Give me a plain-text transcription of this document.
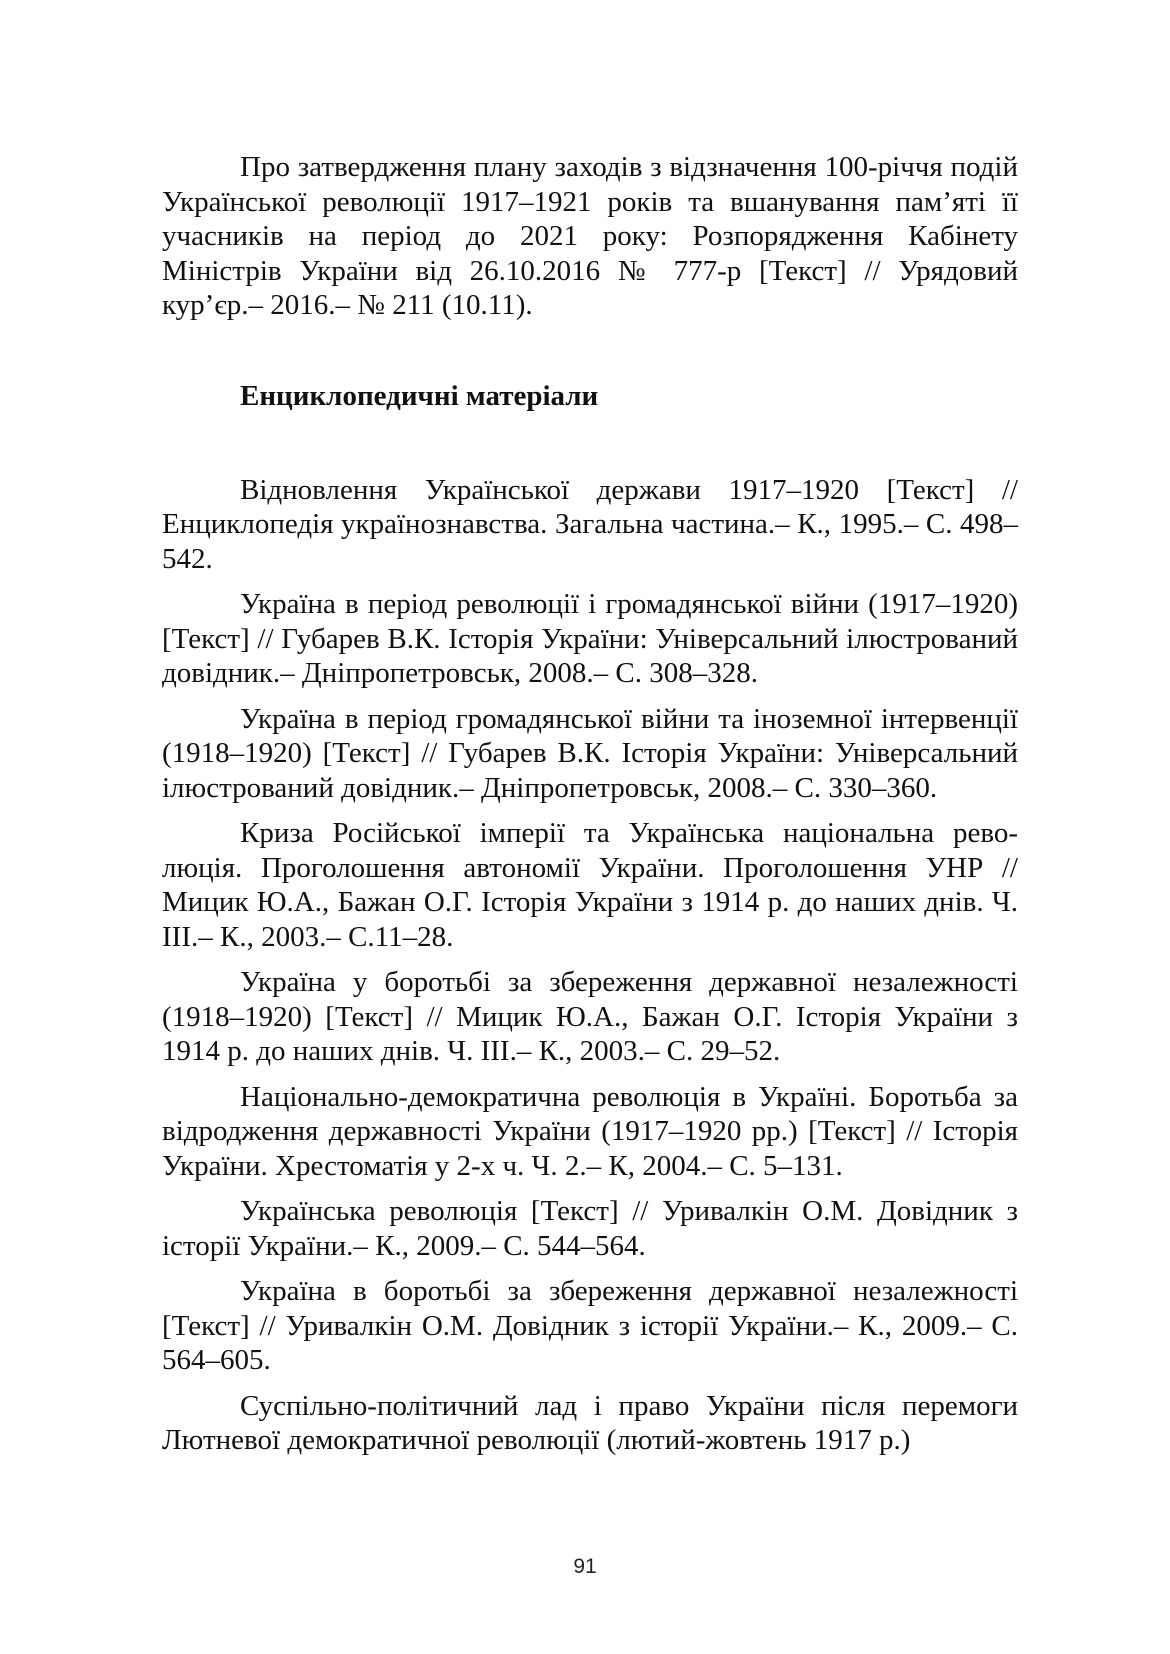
Про затвердження плану заходів з відзначення 100-річчя подій Української революції 1917–1921 років та вшанування пам’яті її учасників на період до 2021 року: Розпорядження Кабінету Міністрів України від 26.10.2016 № 777-р [Текст] // Урядовий кур’єр.– 2016.– № 211 (10.11).

Енциклопедичні матеріали

Відновлення Української держави 1917–1920 [Текст] // Енциклопедія українознавства. Загальна частина.– К., 1995.– С. 498–542.

Україна в період революції і громадянської війни (1917–1920) [Текст] // Губарев В.К. Історія України: Універсальний ілюстрований довідник.– Дніпропетровськ, 2008.– С. 308–328.

Україна в період громадянської війни та іноземної інтервенції (1918–1920) [Текст] // Губарев В.К. Історія України: Універсальний ілюстрований довідник.– Дніпропетровськ, 2008.– С. 330–360.

Криза Російської імперії та Українська національна революція. Проголошення автономії України. Проголошення УНР // Мицик Ю.А., Бажан О.Г. Історія України з 1914 р. до наших днів. Ч. ІІІ.– К., 2003.– С.11–28.

Україна у боротьбі за збереження державної незалежності (1918–1920) [Текст] // Мицик Ю.А., Бажан О.Г. Історія України з 1914 р. до наших днів. Ч. ІІІ.– К., 2003.– С. 29–52.

Національно-демократична революція в Україні. Боротьба за відродження державності України (1917–1920 рр.) [Текст] // Історія України. Хрестоматія у 2-х ч. Ч. 2.– К, 2004.– С. 5–131.

Українська революція [Текст] // Уривалкін О.М. Довідник з історії України.– К., 2009.– С. 544–564.

Україна в боротьбі за збереження державної незалежності [Текст] // Уривалкін О.М. Довідник з історії України.– К., 2009.– С. 564–605.

Суспільно-політичний лад і право України після перемоги Лютневої демократичної революції (лютий-жовтень 1917 р.)

91
